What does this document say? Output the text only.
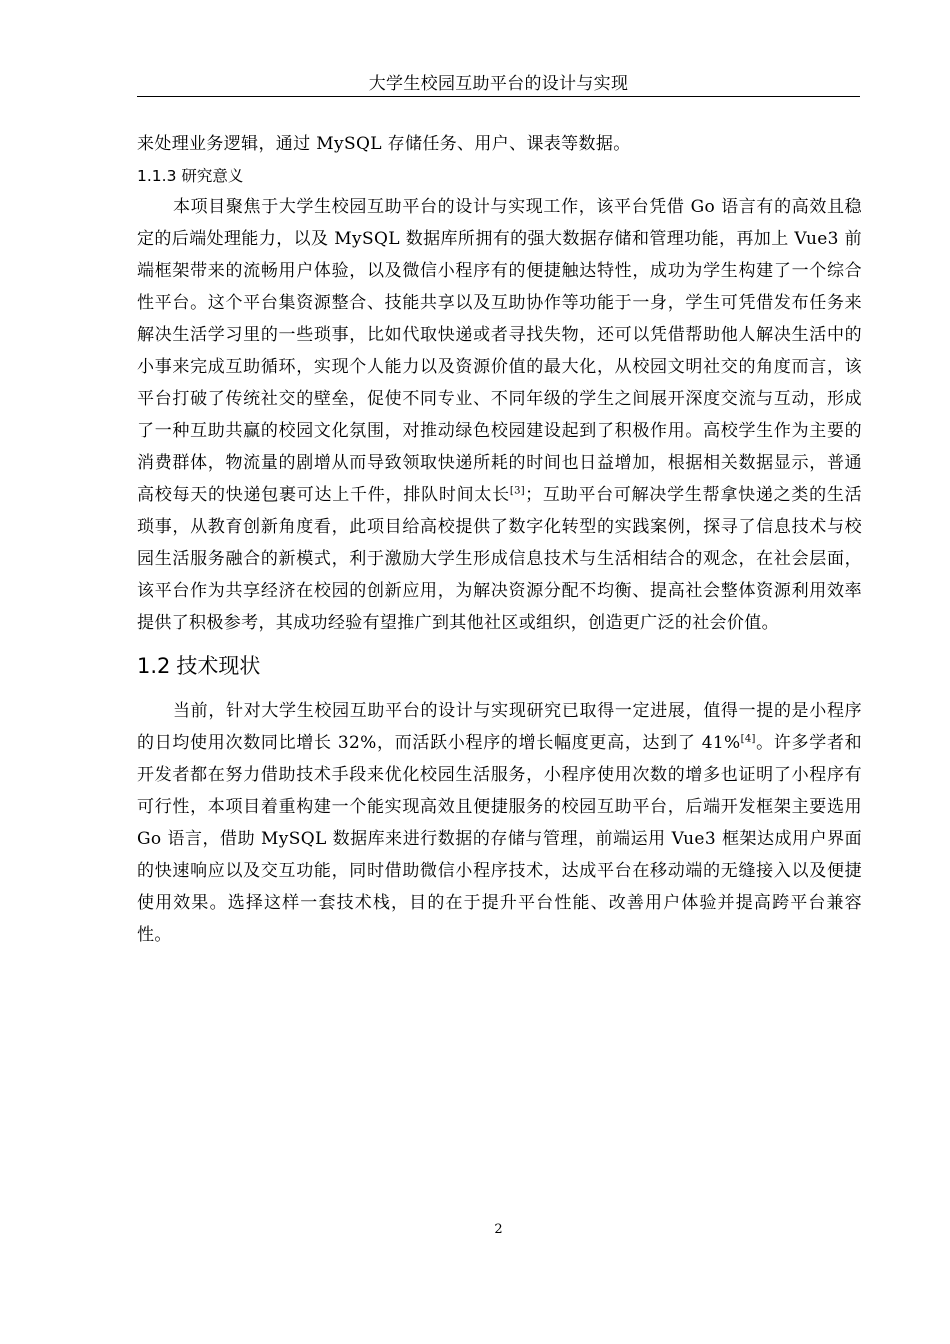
大学生校园互助平台的设计与实现

来处理业务逻辑，通过 MySQL 存储任务、用户、课表等数据。

1.1.3 研究意义

本项目聚焦于大学生校园互助平台的设计与实现工作，该平台凭借 Go 语言有的高效且稳定的后端处理能力，以及 MySQL 数据库所拥有的强大数据存储和管理功能，再加上 Vue3 前端框架带来的流畅用户体验，以及微信小程序有的便捷触达特性，成功为学生构建了一个综合性平台。这个平台集资源整合、技能共享以及互助协作等功能于一身，学生可凭借发布任务来解决生活学习里的一些琐事，比如代取快递或者寻找失物，还可以凭借帮助他人解决生活中的小事来完成互助循环，实现个人能力以及资源价值的最大化，从校园文明社交的角度而言，该平台打破了传统社交的壁垒，促使不同专业、不同年级的学生之间展开深度交流与互动，形成了一种互助共赢的校园文化氛围，对推动绿色校园建设起到了积极作用。高校学生作为主要的消费群体，物流量的剧增从而导致领取快递所耗的时间也日益增加，根据相关数据显示，普通高校每天的快递包裹可达上千件，排队时间太长[3]；互助平台可解决学生帮拿快递之类的生活琐事，从教育创新角度看，此项目给高校提供了数字化转型的实践案例，探寻了信息技术与校园生活服务融合的新模式，利于激励大学生形成信息技术与生活相结合的观念，在社会层面，该平台作为共享经济在校园的创新应用，为解决资源分配不均衡、提高社会整体资源利用效率提供了积极参考，其成功经验有望推广到其他社区或组织，创造更广泛的社会价值。

1.2 技术现状

当前，针对大学生校园互助平台的设计与实现研究已取得一定进展，值得一提的是小程序的日均使用次数同比增长 32%，而活跃小程序的增长幅度更高，达到了 41%[4]。许多学者和开发者都在努力借助技术手段来优化校园生活服务，小程序使用次数的增多也证明了小程序有可行性，本项目着重构建一个能实现高效且便捷服务的校园互助平台，后端开发框架主要选用 Go 语言，借助 MySQL 数据库来进行数据的存储与管理，前端运用 Vue3 框架达成用户界面的快速响应以及交互功能，同时借助微信小程序技术，达成平台在移动端的无缝接入以及便捷使用效果。选择这样一套技术栈，目的在于提升平台性能、改善用户体验并提高跨平台兼容性。

2
